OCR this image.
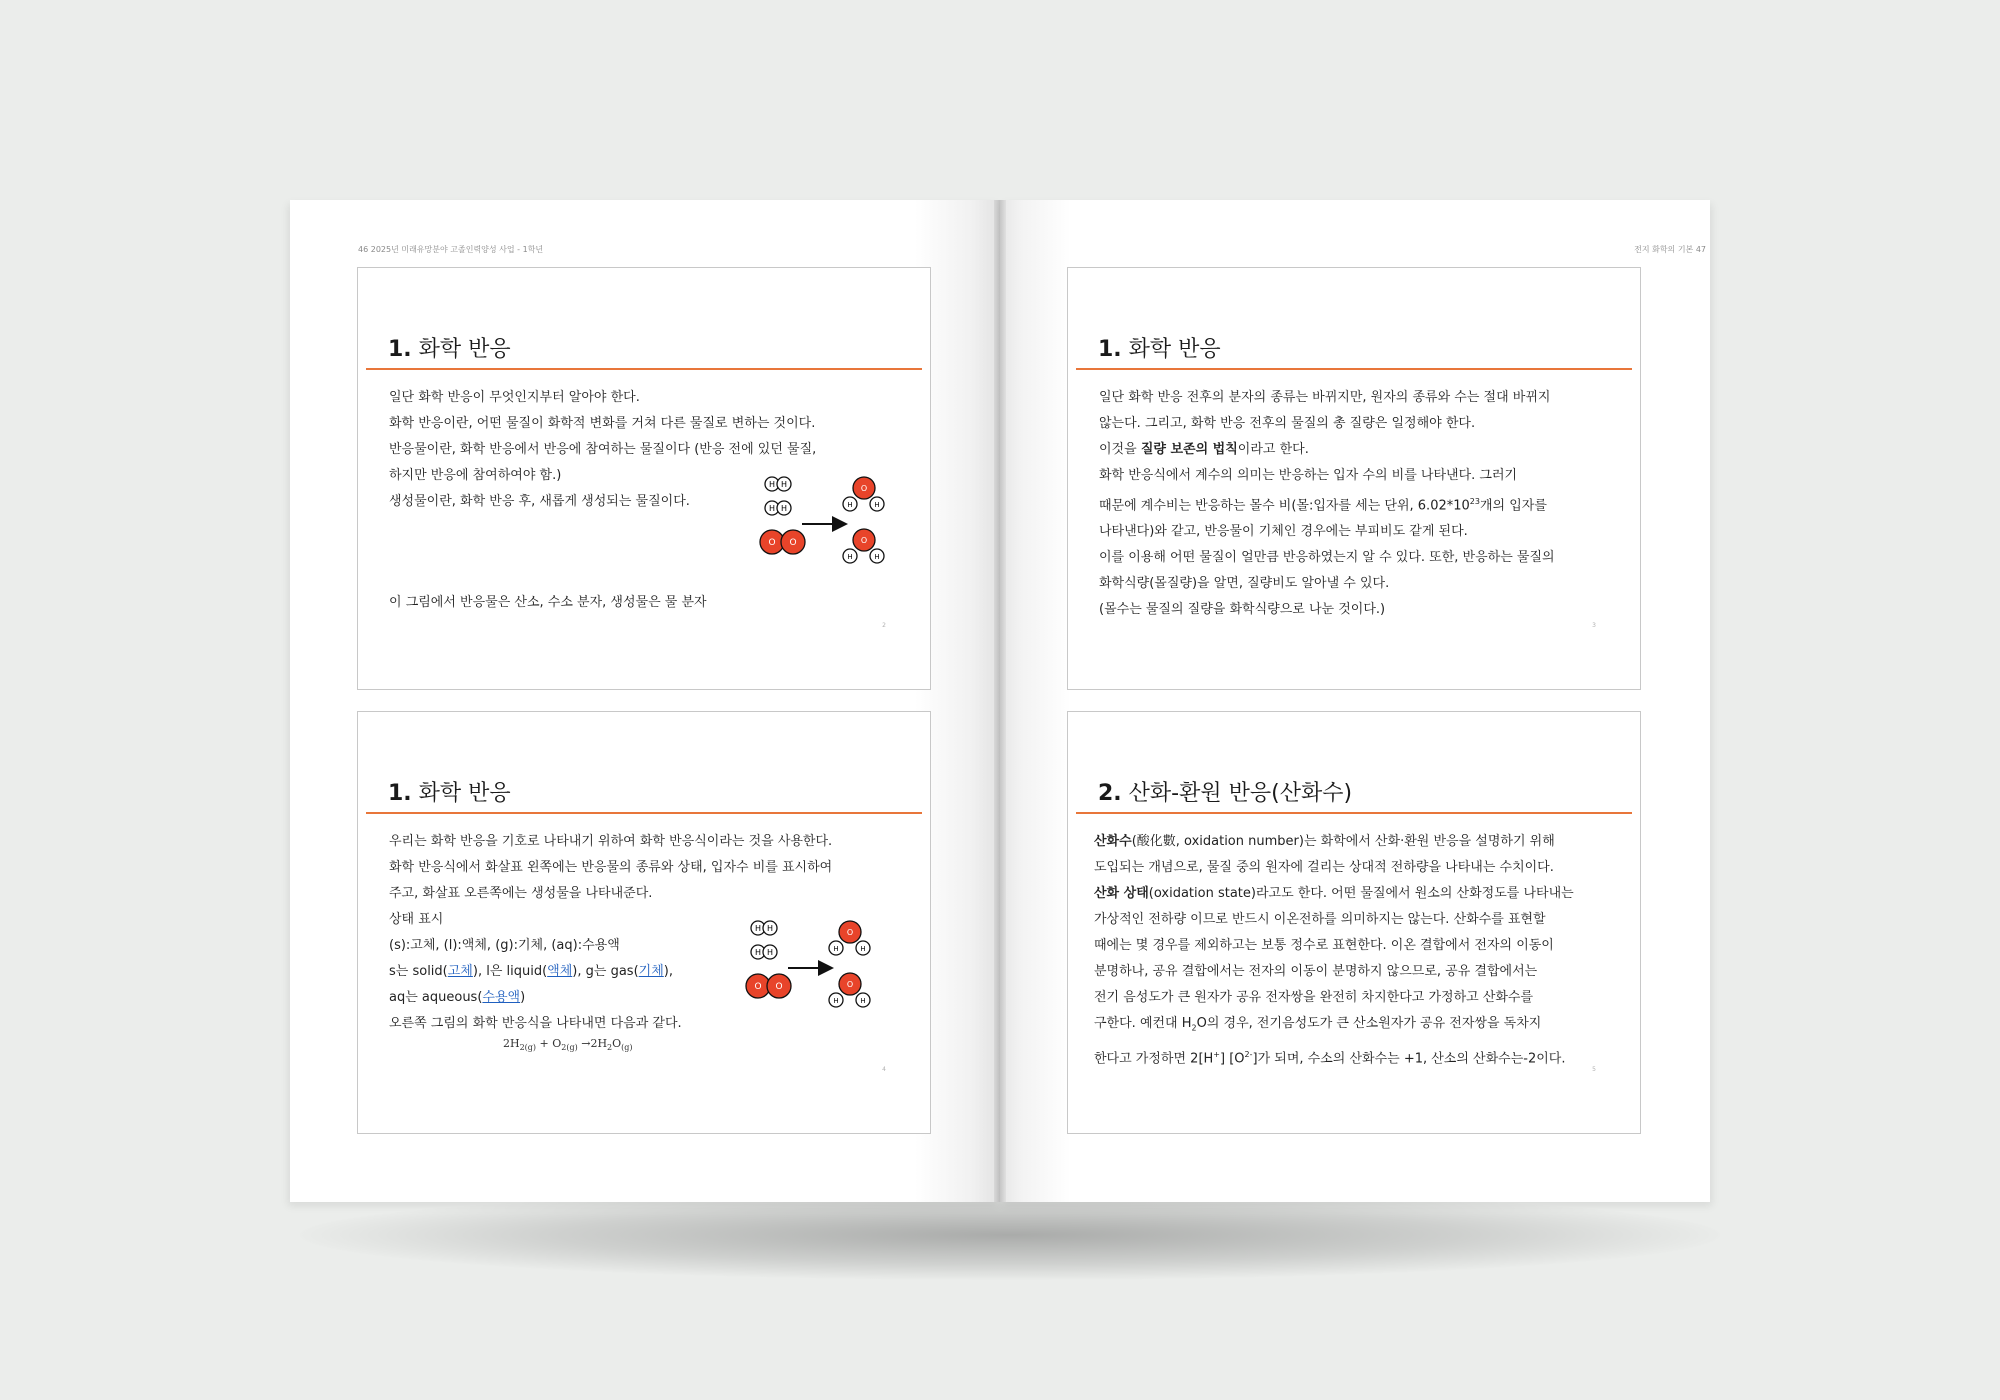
46 2025년 미래유망분야 고졸인력양성 사업 - 1학년	전지 화학의 기본 47
1. 화학 반응
일단 화학 반응이 무엇인지부터 알아야 한다.
화학 반응이란, 어떤 물질이 화학적 변화를 거쳐 다른 물질로 변하는 것이다.
반응물이란, 화학 반응에서 반응에 참여하는 물질이다 (반응 전에 있던 물질,
하지만 반응에 참여하여야 함.)
생성물이란, 화학 반응 후, 새롭게 생성되는 물질이다.
H H
H H
O O
O
H	H
O
H	H
이 그림에서 반응물은 산소, 수소 분자, 생성물은 물 분자
2
1. 화학 반응
우리는 화학 반응을 기호로 나타내기 위하여 화학 반응식이라는 것을 사용한다.
화학 반응식에서 화살표 왼쪽에는 반응물의 종류와 상태, 입자수 비를 표시하여
주고, 화살표 오른쪽에는 생성물을 나타내준다.
상태 표시
(s):고체, (l):액체, (g):기체, (aq):수용액
s는 solid(고체), l은 liquid(액체), g는 gas(기체),
aq는 aqueous(수용액)
오른쪽 그림의 화학 반응식을 나타내면 다음과 같다.
$2H_{2(g)} + O_{2(g)} \to 2H_2O_{(g)}$
H H
H H
O O
O
H	H
O
H	H
4
1. 화학 반응
일단 화학 반응 전후의 분자의 종류는 바뀌지만, 원자의 종류와 수는 절대 바뀌지
않는다. 그리고, 화학 반응 전후의 물질의 총 질량은 일정해야 한다.
이것을 질량 보존의 법칙이라고 한다.
화학 반응식에서 계수의 의미는 반응하는 입자 수의 비를 나타낸다. 그러기
때문에 계수비는 반응하는 몰수 비(몰:입자를 세는 단위, $6.02*10^{23}$개의 입자를
나타낸다)와 같고, 반응물이 기체인 경우에는 부피비도 같게 된다.
이를 이용해 어떤 물질이 얼만큼 반응하였는지 알 수 있다. 또한, 반응하는 물질의
화학식량(몰질량)을 알면, 질량비도 알아낼 수 있다.
(몰수는 물질의 질량을 화학식량으로 나눈 것이다.)
3
2. 산화-환원 반응(산화수)
산화수(酸化數, oxidation number)는 화학에서 산화·환원 반응을 설명하기 위해
도입되는 개념으로, 물질 중의 원자에 걸리는 상대적 전하량을 나타내는 수치이다.
산화 상태(oxidation state)라고도 한다. 어떤 물질에서 원소의 산화정도를 나타내는
가상적인 전하량 이므로 반드시 이온전하를 의미하지는 않는다. 산화수를 표현할
때에는 몇 경우를 제외하고는 보통 정수로 표현한다. 이온 결합에서 전자의 이동이
분명하나, 공유 결합에서는 전자의 이동이 분명하지 않으므로, 공유 결합에서는
전기 음성도가 큰 원자가 공유 전자쌍을 완전히 차지한다고 가정하고 산화수를
구한다. 예컨대 $H_2O$의 경우, 전기음성도가 큰 산소원자가 공유 전자쌍을 독차지
한다고 가정하면 2[H+] $[O^{2-}]$가 되며, 수소의 산화수는 +1, 산소의 산화수는-2이다.
5
